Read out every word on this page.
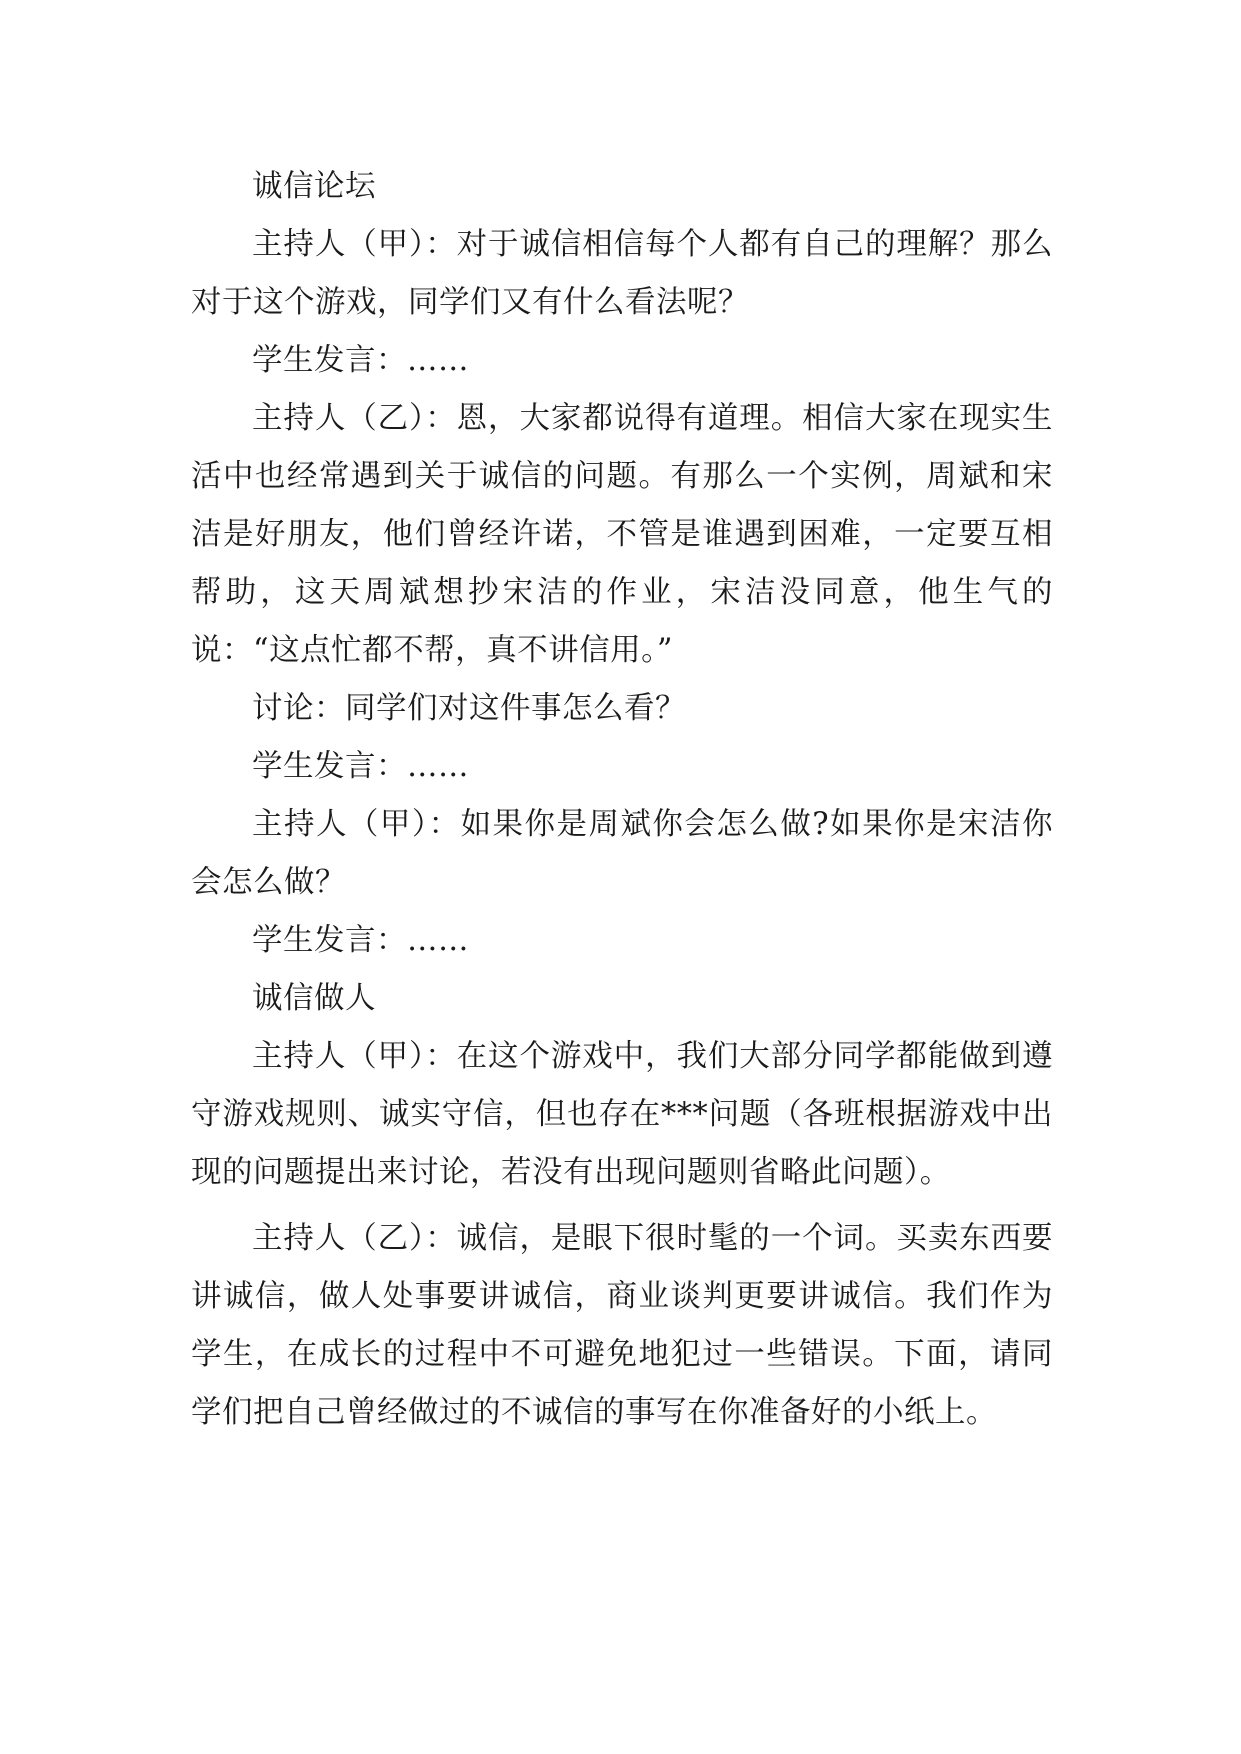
诚信论坛

主持人（甲）：对于诚信相信每个人都有自己的理解？那么对于这个游戏，同学们又有什么看法呢？

学生发言：……

主持人（乙）：恩，大家都说得有道理。相信大家在现实生活中也经常遇到关于诚信的问题。有那么一个实例，周斌和宋洁是好朋友，他们曾经许诺，不管是谁遇到困难，一定要互相帮助，这天周斌想抄宋洁的作业，宋洁没同意，他生气的说：“这点忙都不帮，真不讲信用。”

讨论：同学们对这件事怎么看？

学生发言：……

主持人（甲）：如果你是周斌你会怎么做?如果你是宋洁你会怎么做？

学生发言：……

诚信做人

主持人（甲）：在这个游戏中，我们大部分同学都能做到遵守游戏规则、诚实守信，但也存在***问题（各班根据游戏中出现的问题提出来讨论，若没有出现问题则省略此问题）。

主持人（乙）：诚信，是眼下很时髦的一个词。买卖东西要讲诚信，做人处事要讲诚信，商业谈判更要讲诚信。我们作为学生，在成长的过程中不可避免地犯过一些错误。下面，请同学们把自己曾经做过的不诚信的事写在你准备好的小纸上。
